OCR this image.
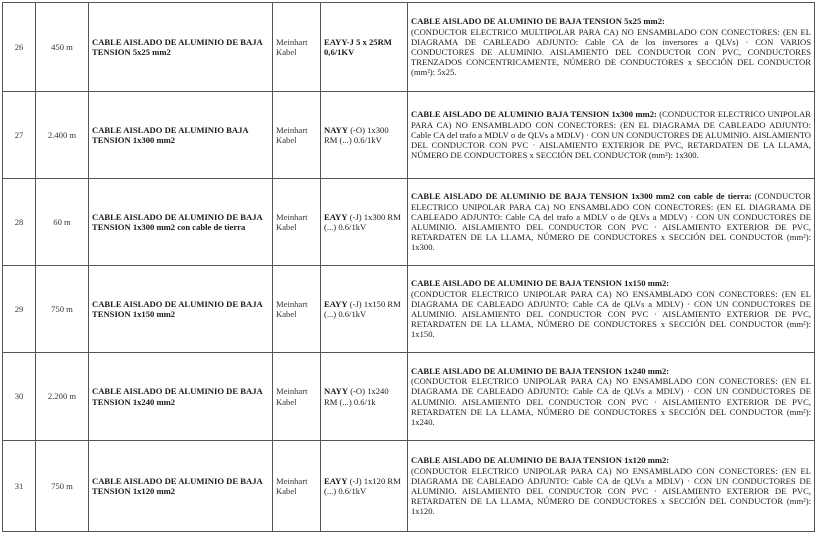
26	450 m	CABLE AISLADO DE ALUMINIO DE BAJA TENSION 5x25 mm2	Meinhart Kabel	EAYY-J 5 x 25RM 0,6/1KV	CABLE AISLADO DE ALUMINIO DE BAJA TENSION 5x25 mm2:
(CONDUCTOR ELECTRICO MULTIPOLAR PARA CA) NO ENSAMBLADO CON CONECTORES: (EN EL DIAGRAMA DE CABLEADO ADJUNTO: Cable CA de los inversores a QLVs) · CON VARIOS CONDUCTORES DE ALUMINIO. AISLAMIENTO DEL CONDUCTOR CON PVC, CONDUCTORES TRENZADOS CONCENTRICAMENTE, NÚMERO DE CONDUCTORES x SECCIÓN DEL CONDUCTOR (mm²): 5x25.
27	2.400 m	CABLE AISLADO DE ALUMINIO BAJA TENSION 1x300 mm2	Meinhart Kabel	NAYY (-O) 1x300 RM (...) 0.6/1kV	CABLE AISLADO DE ALUMINIO BAJA TENSION 1x300 mm2: (CONDUCTOR ELECTRICO UNIPOLAR PARA CA) NO ENSAMBLADO CON CONECTORES: (EN EL DIAGRAMA DE CABLEADO ADJUNTO: Cable CA del trafo a MDLV o de QLVs a MDLV) · CON UN CONDUCTORES DE ALUMINIO. AISLAMIENTO DEL CONDUCTOR CON PVC · AISLAMIENTO EXTERIOR DE PVC, RETARDATEN DE LA LLAMA, NÚMERO DE CONDUCTORES x SECCIÓN DEL CONDUCTOR (mm²): 1x300.
28	60 m	CABLE AISLADO DE ALUMINIO DE BAJA TENSION 1x300 mm2 con cable de tierra	Meinhart Kabel	EAYY (-J) 1x300 RM (...) 0.6/1kV	CABLE AISLADO DE ALUMINIO DE BAJA TENSION 1x300 mm2 con cable de tierra: (CONDUCTOR ELECTRICO UNIPOLAR PARA CA) NO ENSAMBLADO CON CONECTORES: (EN EL DIAGRAMA DE CABLEADO ADJUNTO: Cable CA del trafo a MDLV o de QLVs a MDLV) · CON UN CONDUCTORES DE ALUMINIO. AISLAMIENTO DEL CONDUCTOR CON PVC · AISLAMIENTO EXTERIOR DE PVC, RETARDATEN DE LA LLAMA, NÚMERO DE CONDUCTORES x SECCIÓN DEL CONDUCTOR (mm²): 1x300.
29	750 m	CABLE AISLADO DE ALUMINIO DE BAJA TENSION 1x150 mm2	Meinhart Kabel	EAYY (-J) 1x150 RM (...) 0.6/1kV	CABLE AISLADO DE ALUMINIO DE BAJA TENSION 1x150 mm2:
(CONDUCTOR ELECTRICO UNIPOLAR PARA CA) NO ENSAMBLADO CON CONECTORES: (EN EL DIAGRAMA DE CABLEADO ADJUNTO: Cable CA de QLVs a MDLV) · CON UN CONDUCTORES DE ALUMINIO. AISLAMIENTO DEL CONDUCTOR CON PVC · AISLAMIENTO EXTERIOR DE PVC, RETARDATEN DE LA LLAMA, NÚMERO DE CONDUCTORES x SECCIÓN DEL CONDUCTOR (mm²): 1x150.
30	2.200 m	CABLE AISLADO DE ALUMINIO DE BAJA TENSION 1x240 mm2	Meinhart Kabel	NAYY (-O) 1x240 RM (...) 0.6/1k	CABLE AISLADO DE ALUMINIO DE BAJA TENSION 1x240 mm2:
(CONDUCTOR ELECTRICO UNIPOLAR PARA CA) NO ENSAMBLADO CON CONECTORES: (EN EL DIAGRAMA DE CABLEADO ADJUNTO: Cable CA de QLVs a MDLV) · CON UN CONDUCTORES DE ALUMINIO. AISLAMIENTO DEL CONDUCTOR CON PVC · AISLAMIENTO EXTERIOR DE PVC, RETARDATEN DE LA LLAMA, NÚMERO DE CONDUCTORES x SECCIÓN DEL CONDUCTOR (mm²): 1x240.
31	750 m	CABLE AISLADO DE ALUMINIO DE BAJA TENSION 1x120 mm2	Meinhart Kabel	EAYY (-J) 1x120 RM (...) 0.6/1kV	CABLE AISLADO DE ALUMINIO DE BAJA TENSION 1x120 mm2:
(CONDUCTOR ELECTRICO UNIPOLAR PARA CA) NO ENSAMBLADO CON CONECTORES: (EN EL DIAGRAMA DE CABLEADO ADJUNTO: Cable CA de QLVs a MDLV) · CON UN CONDUCTORES DE ALUMINIO. AISLAMIENTO DEL CONDUCTOR CON PVC · AISLAMIENTO EXTERIOR DE PVC, RETARDATEN DE LA LLAMA, NÚMERO DE CONDUCTORES x SECCIÓN DEL CONDUCTOR (mm²): 1x120.
